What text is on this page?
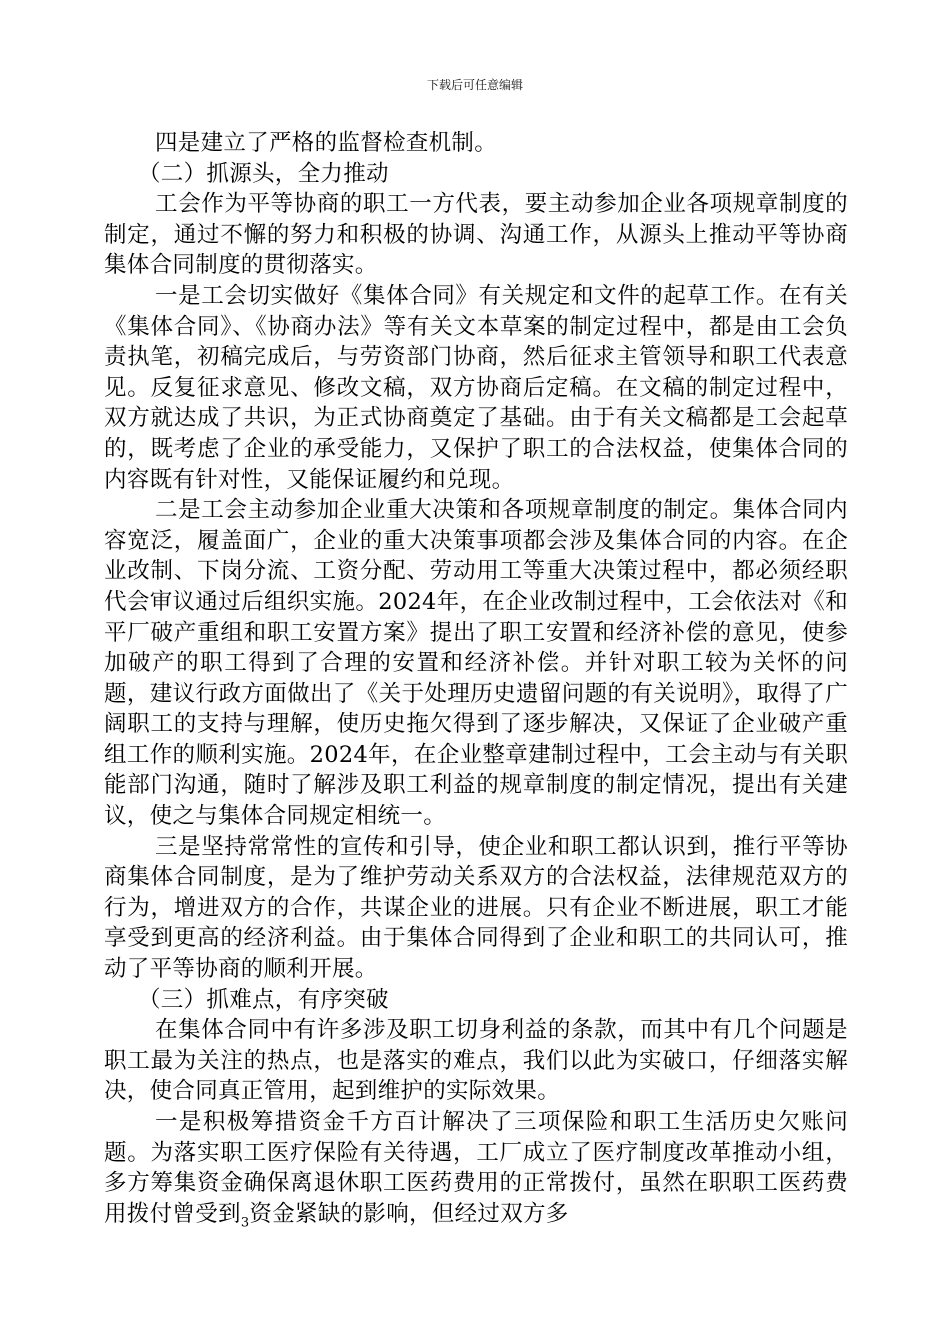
下载后可任意编辑

四是建立了严格的监督检查机制。

（二）抓源头，全力推动

工会作为平等协商的职工一方代表，要主动参加企业各项规章制度的制定，通过不懈的努力和积极的协调、沟通工作，从源头上推动平等协商集体合同制度的贯彻落实。

一是工会切实做好《集体合同》有关规定和文件的起草工作。在有关《集体合同》、《协商办法》等有关文本草案的制定过程中，都是由工会负责执笔，初稿完成后，与劳资部门协商，然后征求主管领导和职工代表意见。反复征求意见、修改文稿，双方协商后定稿。在文稿的制定过程中，双方就达成了共识，为正式协商奠定了基础。由于有关文稿都是工会起草的，既考虑了企业的承受能力，又保护了职工的合法权益，使集体合同的内容既有针对性，又能保证履约和兑现。

二是工会主动参加企业重大决策和各项规章制度的制定。集体合同内容宽泛，履盖面广，企业的重大决策事项都会涉及集体合同的内容。在企业改制、下岗分流、工资分配、劳动用工等重大决策过程中，都必须经职代会审议通过后组织实施。2024年，在企业改制过程中，工会依法对《和平厂破产重组和职工安置方案》提出了职工安置和经济补偿的意见，使参加破产的职工得到了合理的安置和经济补偿。并针对职工较为关怀的问题，建议行政方面做出了《关于处理历史遗留问题的有关说明》，取得了广阔职工的支持与理解，使历史拖欠得到了逐步解决，又保证了企业破产重组工作的顺利实施。2024年，在企业整章建制过程中，工会主动与有关职能部门沟通，随时了解涉及职工利益的规章制度的制定情况，提出有关建议，使之与集体合同规定相统一。

三是坚持常常性的宣传和引导，使企业和职工都认识到，推行平等协商集体合同制度，是为了维护劳动关系双方的合法权益，法律规范双方的行为，增进双方的合作，共谋企业的进展。只有企业不断进展，职工才能享受到更高的经济利益。由于集体合同得到了企业和职工的共同认可，推动了平等协商的顺利开展。

（三）抓难点，有序突破

在集体合同中有许多涉及职工切身利益的条款，而其中有几个问题是职工最为关注的热点，也是落实的难点，我们以此为实破口，仔细落实解决，使合同真正管用，起到维护的实际效果。

一是积极筹措资金千方百计解决了三项保险和职工生活历史欠账问题。为落实职工医疗保险有关待遇，工厂成立了医疗制度改革推动小组，多方筹集资金确保离退休职工医药费用的正常拨付，虽然在职职工医药费用拨付曾受到$_3$资金紧缺的影响，但经过双方多
